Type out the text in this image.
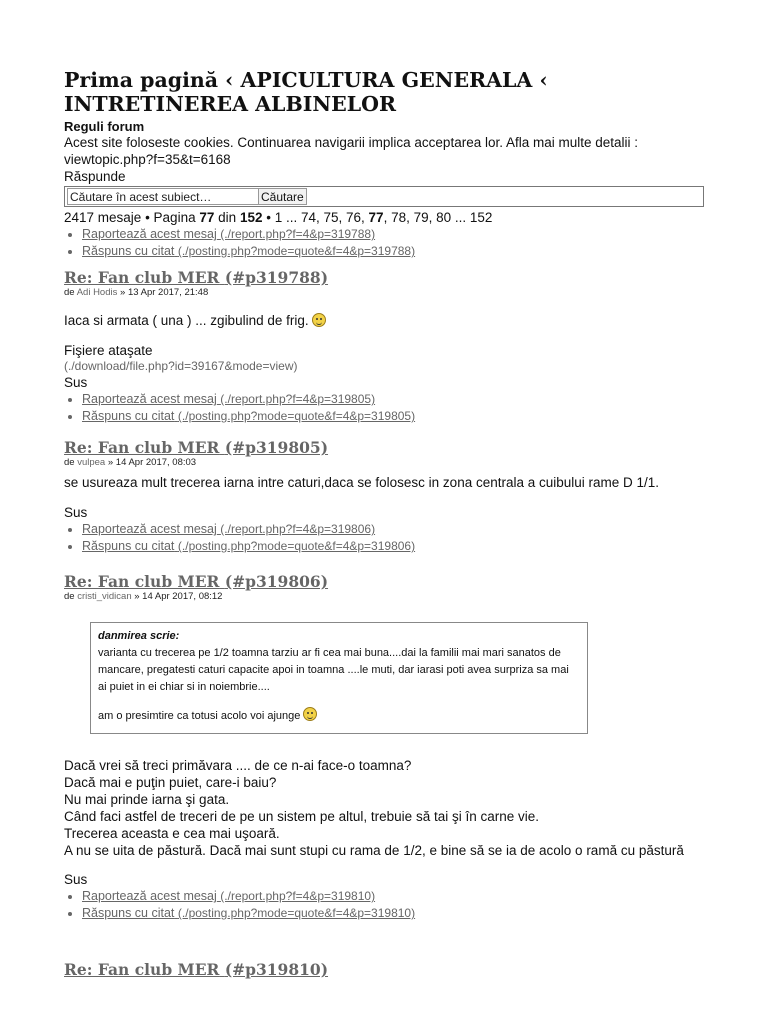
Prima pagină ‹ APICULTURA GENERALA ‹ INTRETINEREA ALBINELOR
Reguli forum
Acest site foloseste cookies. Continuarea navigarii implica acceptarea lor. Afla mai multe detalii : viewtopic.php?f=35&t=6168
Răspunde
Căutare în acest subiect…
Căutare
2417 mesaje • Pagina 77 din 152 • 1 ... 74, 75, 76, 77, 78, 79, 80 ... 152
• Raportează acest mesaj (./report.php?f=4&p=319788)
• Răspuns cu citat (./posting.php?mode=quote&f=4&p=319788)
Re: Fan club MER (#p319788)
de Adi Hodis » 13 Apr 2017, 21:48
Iaca si armata ( una ) ... zgibulind de frig.
Fişiere ataşate
(./download/file.php?id=39167&mode=view)
Sus
• Raportează acest mesaj (./report.php?f=4&p=319805)
• Răspuns cu citat (./posting.php?mode=quote&f=4&p=319805)
Re: Fan club MER (#p319805)
de vulpea » 14 Apr 2017, 08:03
se usureaza mult trecerea iarna intre caturi,daca se folosesc in zona centrala a cuibului rame D 1/1.
Sus
• Raportează acest mesaj (./report.php?f=4&p=319806)
• Răspuns cu citat (./posting.php?mode=quote&f=4&p=319806)
Re: Fan club MER (#p319806)
de cristi_vidican » 14 Apr 2017, 08:12
danmirea scrie:
varianta cu trecerea pe 1/2 toamna tarziu ar fi cea mai buna....dai la familii mai mari sanatos de mancare, pregatesti caturi capacite apoi in toamna ....le muti, dar iarasi poti avea surpriza sa mai ai puiet in ei chiar si in noiembrie....
am o presimtire ca totusi acolo voi ajunge
Dacă vrei să treci primăvara .... de ce n-ai face-o toamna?
Dacă mai e puţin puiet, care-i baiu?
Nu mai prinde iarna şi gata.
Când faci astfel de treceri de pe un sistem pe altul, trebuie să tai şi în carne vie.
Trecerea aceasta e cea mai uşoară.
A nu se uita de păstură. Dacă mai sunt stupi cu rama de 1/2, e bine să se ia de acolo o ramă cu păstură
Sus
• Raportează acest mesaj (./report.php?f=4&p=319810)
• Răspuns cu citat (./posting.php?mode=quote&f=4&p=319810)
Re: Fan club MER (#p319810)
